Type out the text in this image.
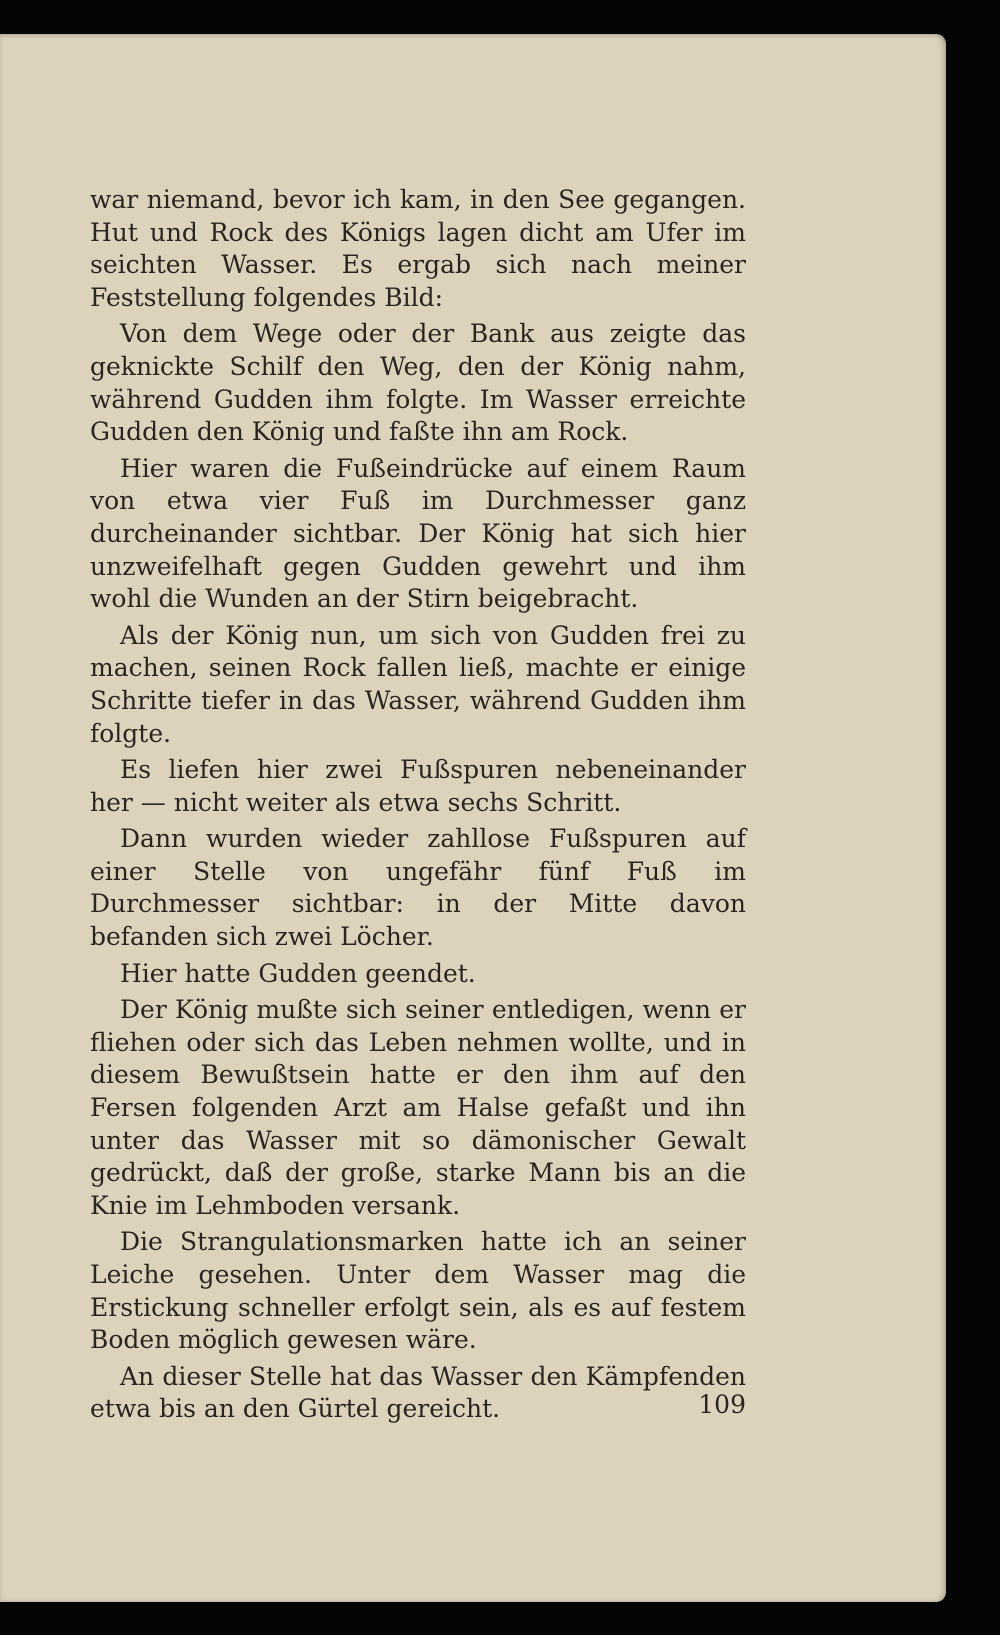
war niemand, bevor ich kam, in den See gegangen. Hut und Rock des Königs lagen dicht am Ufer im seichten Wasser. Es ergab sich nach meiner Feststellung folgendes Bild:

Von dem Wege oder der Bank aus zeigte das geknickte Schilf den Weg, den der König nahm, während Gudden ihm folgte. Im Wasser erreichte Gudden den König und faßte ihn am Rock.

Hier waren die Fußeindrücke auf einem Raum von etwa vier Fuß im Durchmesser ganz durcheinander sichtbar. Der König hat sich hier unzweifelhaft gegen Gudden gewehrt und ihm wohl die Wunden an der Stirn beigebracht.

Als der König nun, um sich von Gudden frei zu machen, seinen Rock fallen ließ, machte er einige Schritte tiefer in das Wasser, während Gudden ihm folgte.

Es liefen hier zwei Fußspuren nebeneinander her — nicht weiter als etwa sechs Schritt.

Dann wurden wieder zahllose Fußspuren auf einer Stelle von ungefähr fünf Fuß im Durchmesser sichtbar: in der Mitte davon befanden sich zwei Löcher.

Hier hatte Gudden geendet.

Der König mußte sich seiner entledigen, wenn er fliehen oder sich das Leben nehmen wollte, und in diesem Bewußtsein hatte er den ihm auf den Fersen folgenden Arzt am Halse gefaßt und ihn unter das Wasser mit so dämonischer Gewalt gedrückt, daß der große, starke Mann bis an die Knie im Lehmboden versank.

Die Strangulationsmarken hatte ich an seiner Leiche gesehen. Unter dem Wasser mag die Erstickung schneller erfolgt sein, als es auf festem Boden möglich gewesen wäre.

An dieser Stelle hat das Wasser den Kämpfenden etwa bis an den Gürtel gereicht.	109
